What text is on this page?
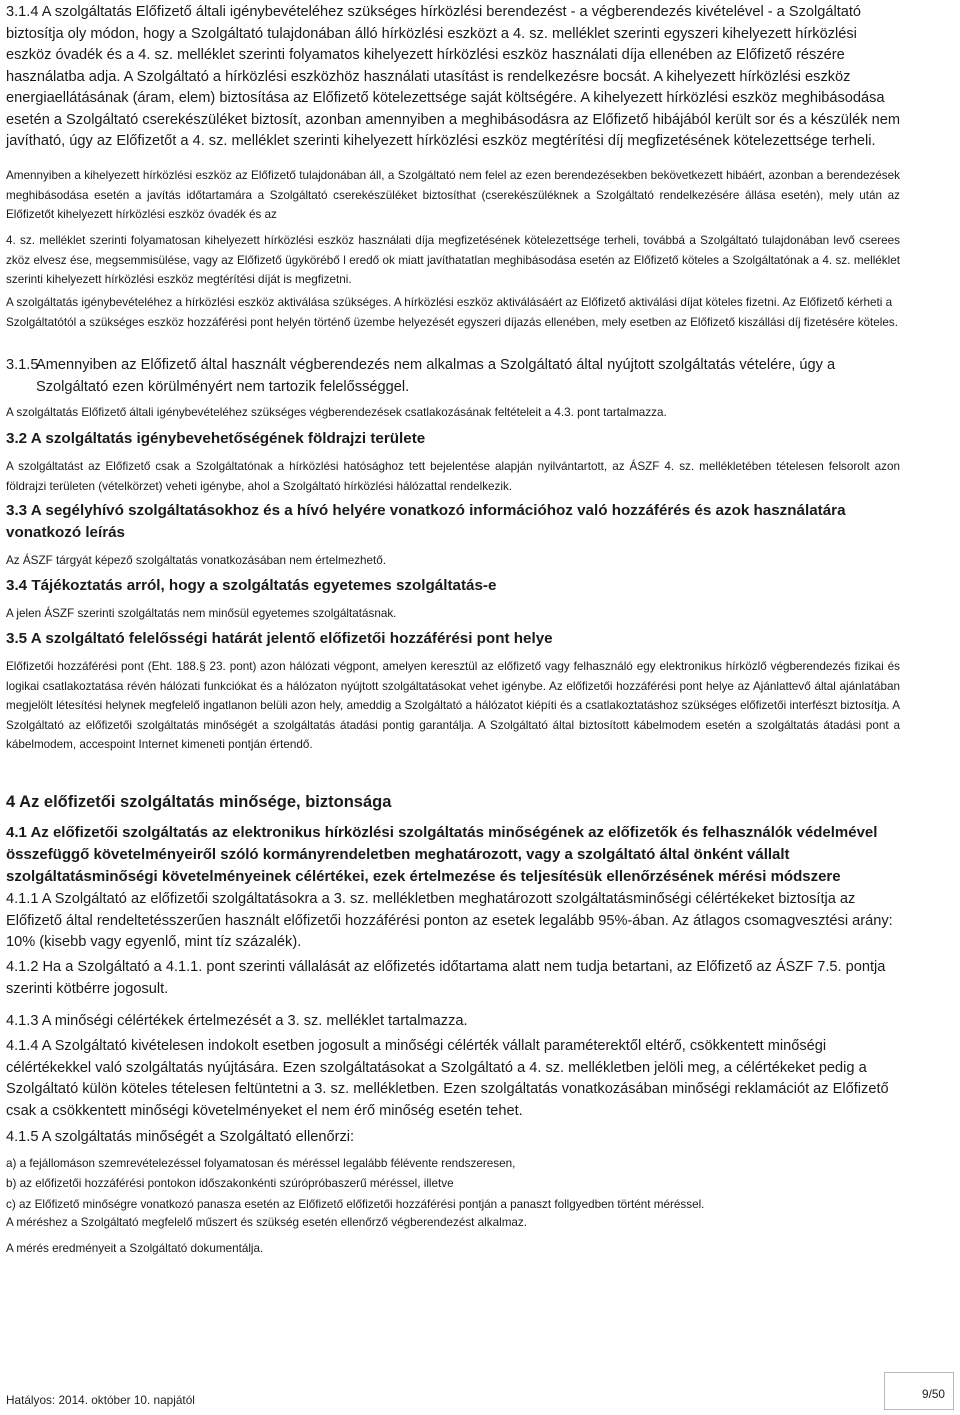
3.1.4 A szolgáltatás Előfizető általi igénybevételéhez szükséges hírközlési berendezést - a végberendezés kivételével - a Szolgáltató biztosítja oly módon, hogy a Szolgáltató tulajdonában álló hírközlési eszközt a 4. sz. melléklet szerinti egyszeri kihelyezett hírközlési eszköz óvadék és a 4. sz. melléklet szerinti folyamatos kihelyezett hírközlési eszköz használati díja ellenében az Előfizető részére használatba adja. A Szolgáltató a hírközlési eszközhöz használati utasítást is rendelkezésre bocsát. A kihelyezett hírközlési eszköz energiaellátásának (áram, elem) biztosítása az Előfizető kötelezettsége saját költségére. A kihelyezett hírközlési eszköz meghibásodása esetén a Szolgáltató cserekészüléket biztosít, azonban amennyiben a meghibásodásra az Előfizető hibájából került sor és a készülék nem javítható, úgy az Előfizetőt a 4. sz. melléklet szerinti kihelyezett hírközlési eszköz megtérítési díj megfizetésének kötelezettsége terheli.

Amennyiben a kihelyezett hírközlési eszköz az Előfizető tulajdonában áll, a Szolgáltató nem felel az ezen berendezésekben bekövetkezett hibáért, azonban a berendezések meghibásodása esetén a javítás időtartamára a Szolgáltató cserekészüléket biztosíthat (cserekészüléknek a Szolgáltató rendelkezésére állása esetén), mely után az Előfizetőt kihelyezett hírközlési eszköz óvadék és az

4. sz. melléklet szerinti folyamatosan kihelyezett hírközlési eszköz használati díja megfizetésének kötelezettsége terheli, továbbá a Szolgáltató tulajdonában levő cserees zköz elvesz ése, megsemmisülése, vagy az Előfizető ügykörébő l eredő ok miatt javíthatatlan meghibásodása esetén az Előfizető köteles a Szolgáltatónak a 4. sz. melléklet szerinti kihelyezett hírközlési eszköz megtérítési díját is megfizetni.

A szolgáltatás igénybevételéhez a hírközlési eszköz aktiválása szükséges. A hírközlési eszköz aktiválásáért az Előfizető aktiválási díjat köteles fizetni. Az Előfizető kérheti a Szolgáltatótól a szükséges eszköz hozzáférési pont helyén történő üzembe helyezését egyszeri díjazás ellenében, mely esetben az Előfizető kiszállási díj fizetésére köteles.

3.1.5
Amennyiben az Előfizető által használt végberendezés nem alkalmas a Szolgáltató által nyújtott szolgáltatás vételére, úgy a Szolgáltató ezen körülményért nem tartozik felelősséggel.

A szolgáltatás Előfizető általi igénybevételéhez szükséges végberendezések csatlakozásának feltételeit a 4.3. pont tartalmazza.

3.2 A szolgáltatás igénybevehetőségének földrajzi területe

A szolgáltatást az Előfizető csak a Szolgáltatónak a hírközlési hatósághoz tett bejelentése alapján nyilvántartott, az ÁSZF 4. sz. mellékletében tételesen felsorolt azon földrajzi területen (vételkörzet) veheti igénybe, ahol a Szolgáltató hírközlési hálózattal rendelkezik.

3.3 A segélyhívó szolgáltatásokhoz és a hívó helyére vonatkozó információhoz való hozzáférés és azok használatára vonatkozó leírás

Az ÁSZF tárgyát képező szolgáltatás vonatkozásában nem értelmezhető.

3.4 Tájékoztatás arról, hogy a szolgáltatás egyetemes szolgáltatás-e

A jelen ÁSZF szerinti szolgáltatás nem minősül egyetemes szolgáltatásnak.

3.5 A szolgáltató felelősségi határát jelentő előfizetői hozzáférési pont helye

Előfizetői hozzáférési pont (Eht. 188.§ 23. pont) azon hálózati végpont, amelyen keresztül az előfizető vagy felhasználó egy elektronikus hírközlő végberendezés fizikai és logikai csatlakoztatása révén hálózati funkciókat és a hálózaton nyújtott szolgáltatásokat vehet igénybe. Az előfizetői hozzáférési pont helye az Ajánlattevő által ajánlatában megjelölt létesítési helynek megfelelő ingatlanon belüli azon hely, ameddig a Szolgáltató a hálózatot kiépíti és a csatlakoztatáshoz szükséges előfizetői interfészt biztosítja. A Szolgáltató az előfizetői szolgáltatás minőségét a szolgáltatás átadási pontig garantálja. A Szolgáltató által biztosított kábelmodem esetén a szolgáltatás átadási pont a kábelmodem, accespoint Internet kimeneti pontján értendő.

4 Az előfizetői szolgáltatás minősége, biztonsága
4.1 Az előfizetői szolgáltatás az elektronikus hírközlési szolgáltatás minőségének az előfizetők és felhasználók védelmével összefüggő követelményeiről szóló kormányrendeletben meghatározott, vagy a szolgáltató által önként vállalt szolgáltatásminőségi követelményeinek célértékei, ezek értelmezése és teljesítésük ellenőrzésének mérési módszere

4.1.1 A Szolgáltató az előfizetői szolgáltatásokra a 3. sz. mellékletben meghatározott szolgáltatásminőségi célértékeket biztosítja az Előfizető által rendeltetésszerűen használt előfizetői hozzáférési ponton az esetek legalább 95%-ában. Az átlagos csomagvesztési arány: 10% (kisebb vagy egyenlő, mint tíz százalék).

4.1.2 Ha a Szolgáltató a 4.1.1. pont szerinti vállalását az előfizetés időtartama alatt nem tudja betartani, az Előfizető az ÁSZF 7.5. pontja szerinti kötbérre jogosult.

4.1.3 A minőségi célértékek értelmezését a 3. sz. melléklet tartalmazza.

4.1.4 A Szolgáltató kivételesen indokolt esetben jogosult a minőségi célérték vállalt paraméterektől eltérő, csökkentett minőségi célértékekkel való szolgáltatás nyújtására. Ezen szolgáltatásokat a Szolgáltató a 4. sz. mellékletben jelöli meg, a célértékeket pedig a Szolgáltató külön köteles tételesen feltüntetni a 3. sz. mellékletben. Ezen szolgáltatás vonatkozásában minőségi reklamációt az Előfizető csak a csökkentett minőségi követelményeket el nem érő minőség esetén tehet.

4.1.5 A szolgáltatás minőségét a Szolgáltató ellenőrzi:

a) a fejállomáson szemrevételezéssel folyamatosan és méréssel legalább félévente rendszeresen,

b) az előfizetői hozzáférési pontokon időszakonkénti szúrópróbaszerű méréssel, illetve

c) az Előfizető minőségre vonatkozó panasza esetén az Előfizető előfizetői hozzáférési pontján a panaszt follgyedben történt méréssel.

A méréshez a Szolgáltató megfelelő műszert és szükség esetén ellenőrző végberendezést alkalmaz.

A mérés eredményeit a Szolgáltató dokumentálja.

Hatályos: 2014. október 10. napjától	9/50
